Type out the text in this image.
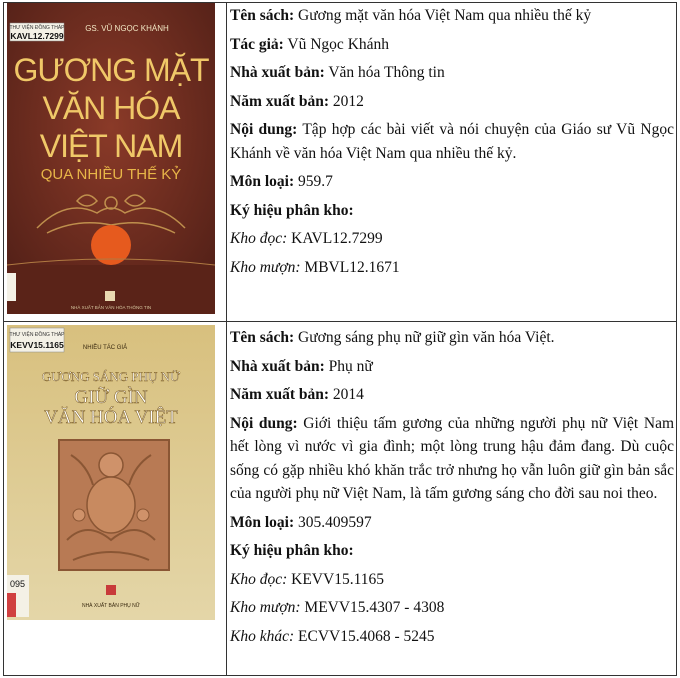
THƯ VIỆN ĐỒNG THÁP
KAVL12.7299
GS. VŨ NGỌC KHÁNH
GƯƠNG MẶT
VĂN HÓA
VIỆT NAM
QUA NHIỀU THẾ KỶ
NHÀ XUẤT BẢN VĂN HÓA THÔNG TIN
Tên sách: Gương mặt văn hóa Việt Nam qua nhiều thế kỷ
Tác giả: Vũ Ngọc Khánh
Nhà xuất bản: Văn hóa Thông tin
Năm xuất bản: 2012
Nội dung: Tập hợp các bài viết và nói chuyện của Giáo sư Vũ Ngọc Khánh về văn hóa Việt Nam qua nhiều thế kỷ.
Môn loại: 959.7
Ký hiệu phân kho:
Kho đọc: KAVL12.7299
Kho mượn: MBVL12.1671
THƯ VIỆN ĐỒNG THÁP
KEVV15.1165	NHIỀU TÁC GIẢ
GƯƠNG SÁNG PHỤ NỮ
GIỮ GÌN
VĂN HÓA VIỆT
095
NHÀ XUẤT BẢN PHỤ NỮ
Tên sách: Gương sáng phụ nữ giữ gìn văn hóa Việt.
Nhà xuất bản: Phụ nữ
Năm xuất bản: 2014
Nội dung: Giới thiệu tấm gương của những người phụ nữ Việt Nam hết lòng vì nước vì gia đình; một lòng trung hậu đảm đang. Dù cuộc sống có gặp nhiều khó khăn trắc trở nhưng họ vẫn luôn giữ gìn bản sắc của người phụ nữ Việt Nam, là tấm gương sáng cho đời sau noi theo.
Môn loại: 305.409597
Ký hiệu phân kho:
Kho đọc: KEVV15.1165
Kho mượn: MEVV15.4307 - 4308
Kho khác: ECVV15.4068 - 5245
